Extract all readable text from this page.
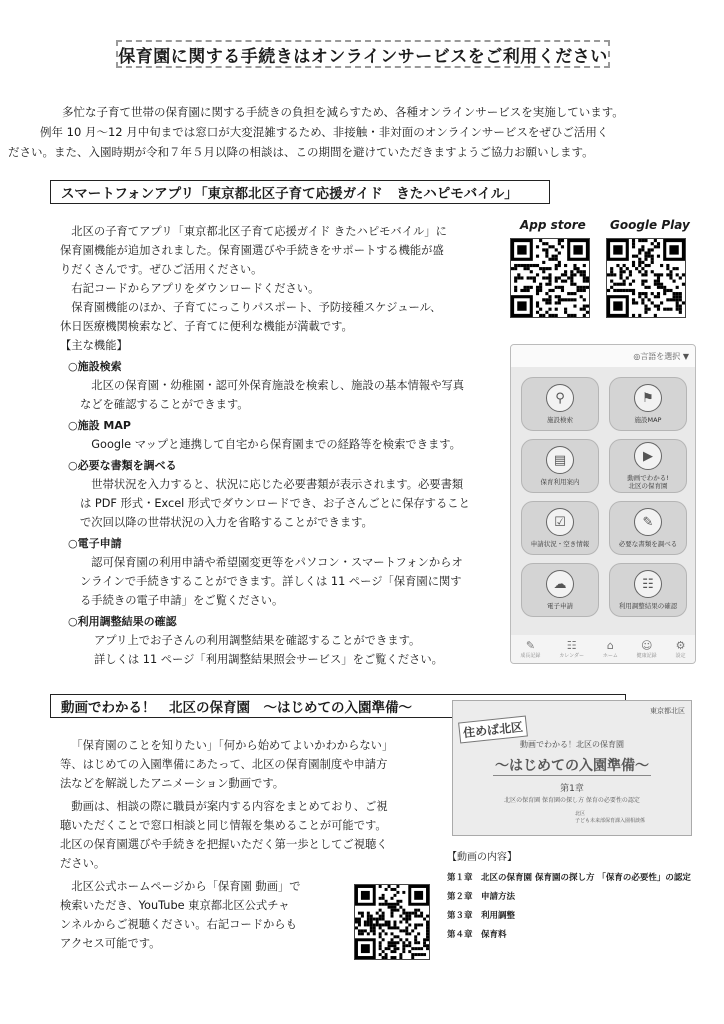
保育園に関する手続きはオンラインサービスをご利用ください

多忙な子育て世帯の保育園に関する手続きの負担を減らすため、各種オンラインサービスを実施しています。

例年 10 月～12 月中旬までは窓口が大変混雑するため、非接触・非対面のオンラインサービスをぜひご活用く

ださい。また、入園時期が令和７年５月以降の相談は、この期間を避けていただきますようご協力お願いします。

スマートフォンアプリ「東京都北区子育て応援ガイド　きたハピモバイル」

北区の子育てアプリ「東京都北区子育て応援ガイド きたハピモバイル」に

保育園機能が追加されました。保育園選びや手続きをサポートする機能が盛

りだくさんです。ぜひご活用ください。

右記コードからアプリをダウンロードください。

保育園機能のほか、子育てにっこりパスポート、予防接種スケジュール、

休日医療機関検索など、子育てに便利な機能が満載です。

【主な機能】

○施設検索

北区の保育園・幼稚園・認可外保育施設を検索し、施設の基本情報や写真

などを確認することができます。

○施設 MAP

Google マップと連携して自宅から保育園までの経路等を検索できます。

○必要な書類を調べる

世帯状況を入力すると、状況に応じた必要書類が表示されます。必要書類

は PDF 形式・Excel 形式でダウンロードでき、お子さんごとに保存すること

で次回以降の世帯状況の入力を省略することができます。

○電子申請

認可保育園の利用申請や希望園変更等をパソコン・スマートフォンからオ

ンラインで手続きすることができます。詳しくは 11 ページ「保育園に関す

る手続きの電子申請」をご覧ください。

○利用調整結果の確認

アプリ上でお子さんの利用調整結果を確認することができます。

詳しくは 11 ページ「利用調整結果照会サービス」をご覧ください。

App store Google Play
◎言語を選択 ▼
⚲
施設検索
⚑
施設MAP
▤
保育利用案内
▶
動画でわかる!
北区の保育園
☑
申請状況・空き情報
✎
必要な書類を調べる
☁
電子申請
☷
利用調整結果の確認
✎
成長記録
☷
カレンダー
⌂
ホーム
☺
健康記録
⚙
設定
動画でわかる！　北区の保育園　～はじめての入園準備～

「保育園のことを知りたい」「何から始めてよいかわからない」

等、はじめての入園準備にあたって、北区の保育園制度や申請方

法などを解説したアニメーション動画です。

動画は、相談の際に職員が案内する内容をまとめており、ご視

聴いただくことで窓口相談と同じ情報を集めることが可能です。

北区の保育園選びや手続きを把握いただく第一歩としてご視聴く

ださい。

北区公式ホームページから「保育園 動画」で

検索いただき、YouTube 東京都北区公式チャ

ンネルからご視聴ください。右記コードからも

アクセス可能です。

東京都北区
住めば北区
動画でわかる！北区の保育園
～はじめての入園準備～
第1章
北区の保育園 保育園の探し方 保育の必要性の認定
北区
子ども未来部保育課入園相談係
【動画の内容】
第１章　北区の保育園 保育園の探し方 「保育の必要性」の認定
第２章　申請方法
第３章　利用調整
第４章　保育料
